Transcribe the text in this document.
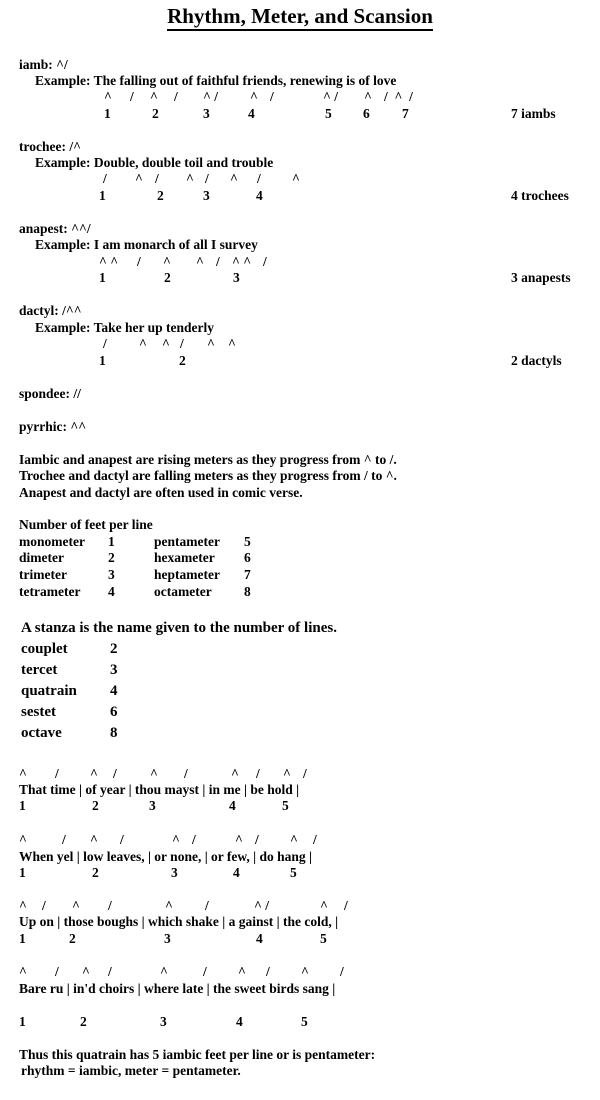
Rhythm, Meter, and Scansion
iamb: ^/
Example: The falling out of faithful friends, renewing is of love
^ / ^ / ^ / ^ /	^ / ^ /  ^  /
1	2	3	4	5 6 7	7 iambs
trochee: /^
Example: Double, double toil and trouble
/ ^ / ^ / ^ / ^
1	2	3	4	4 trochees
anapest: ^^/
Example: I am monarch of all I survey
^ ^ / ^ ^ / ^ ^ /
1	2	3	3 anapests
dactyl: /^^
Example: Take her up tenderly
/ ^ ^ / ^ ^
1	2	2 dactyls
spondee: //
pyrrhic: ^^
Iambic and anapest are rising meters as they progress from ^ to /.
Trochee and dactyl are falling meters as they progress from / to ^.
Anapest and dactyl are often used in comic verse.
Number of feet per line
monometer 1	pentameter 5
dimeter	2	hexameter 6
trimeter	3	heptameter 7
tetrameter 4	octameter 8
A stanza is the name given to the number of lines.
couplet	2
tercet	3
quatrain 4
sestet	6
octave	8
^ / ^ / ^ /	^ / ^ /
That time | of year | thou mayst | in me | be hold |
1	2	3	4	5
^	/ ^ /	^ /	^ / ^ /
When yel | low leaves, | or none, | or few, | do hang |
1	2	3	4	5
^ / ^ /	^ /	^ /	^ /
Up on | those boughs | which shake | a gainst | the cold, |
1	2	3	4	5
^ / ^ /	^	/ ^ / ^ /
Bare ru | in'd choirs | where late | the sweet birds sang |
1	2	3	4	5
Thus this quatrain has 5 iambic feet per line or is pentameter:
rhythm = iambic, meter = pentameter.
